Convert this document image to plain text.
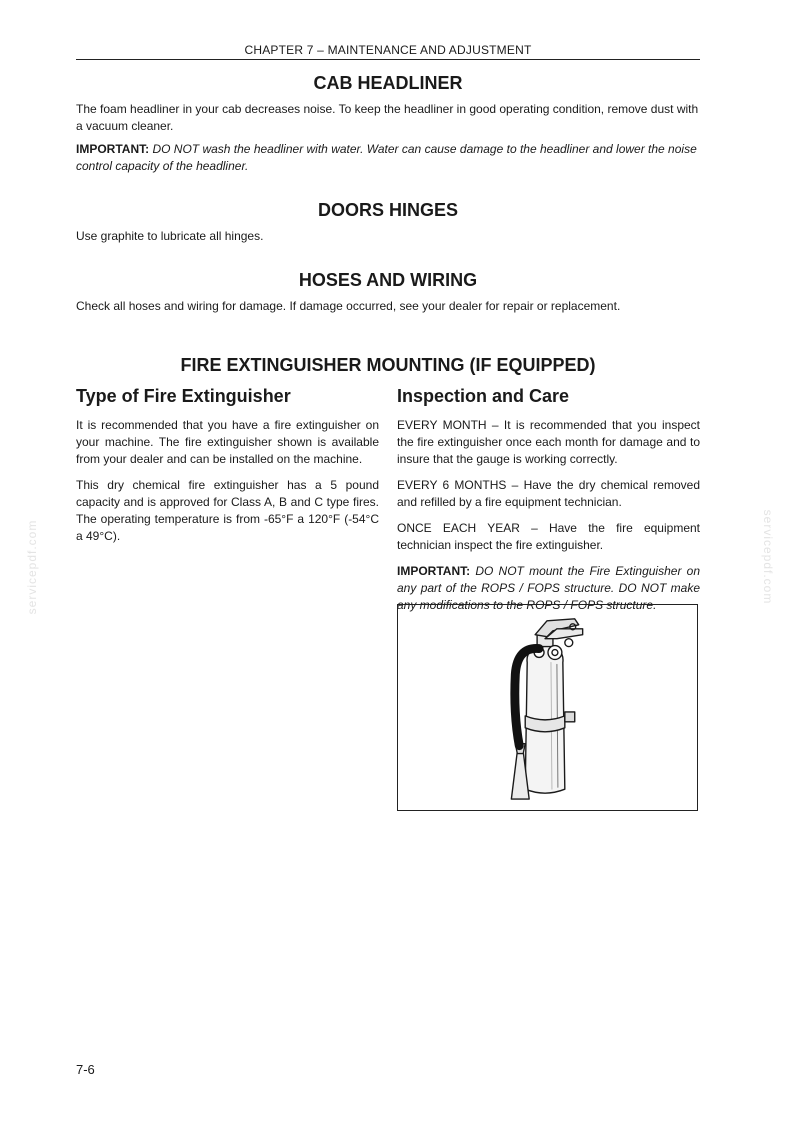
servicepdf.com	servicepdf.com
CHAPTER 7 – MAINTENANCE AND ADJUSTMENT
CAB HEADLINER

The foam headliner in your cab decreases noise. To keep the headliner in good operating condition, remove dust with a vacuum cleaner.

IMPORTANT: DO NOT wash the headliner with water. Water can cause damage to the headliner and lower the noise control capacity of the headliner.

DOORS HINGES

Use graphite to lubricate all hinges.

HOSES AND WIRING

Check all hoses and wiring for damage. If damage occurred, see your dealer for repair or replacement.

FIRE EXTINGUISHER MOUNTING (IF EQUIPPED)
Type of Fire Extinguisher

It is recommended that you have a fire extinguisher on your machine. The fire extinguisher shown is available from your dealer and can be installed on the machine.

This dry chemical fire extinguisher has a 5 pound capacity and is approved for Class A, B and C type fires. The operating temperature is from -65°F a 120°F (-54°C a 49°C).

Inspection and Care

EVERY MONTH – It is recommended that you inspect the fire extinguisher once each month for damage and to insure that the gauge is working correctly.

EVERY 6 MONTHS – Have the dry chemical removed and refilled by a fire equipment technician.

ONCE EACH YEAR – Have the fire equipment technician inspect the fire extinguisher.

IMPORTANT: DO NOT mount the Fire Extinguisher on any part of the ROPS / FOPS structure. DO NOT make any modifications to the ROPS / FOPS structure.

7-6
